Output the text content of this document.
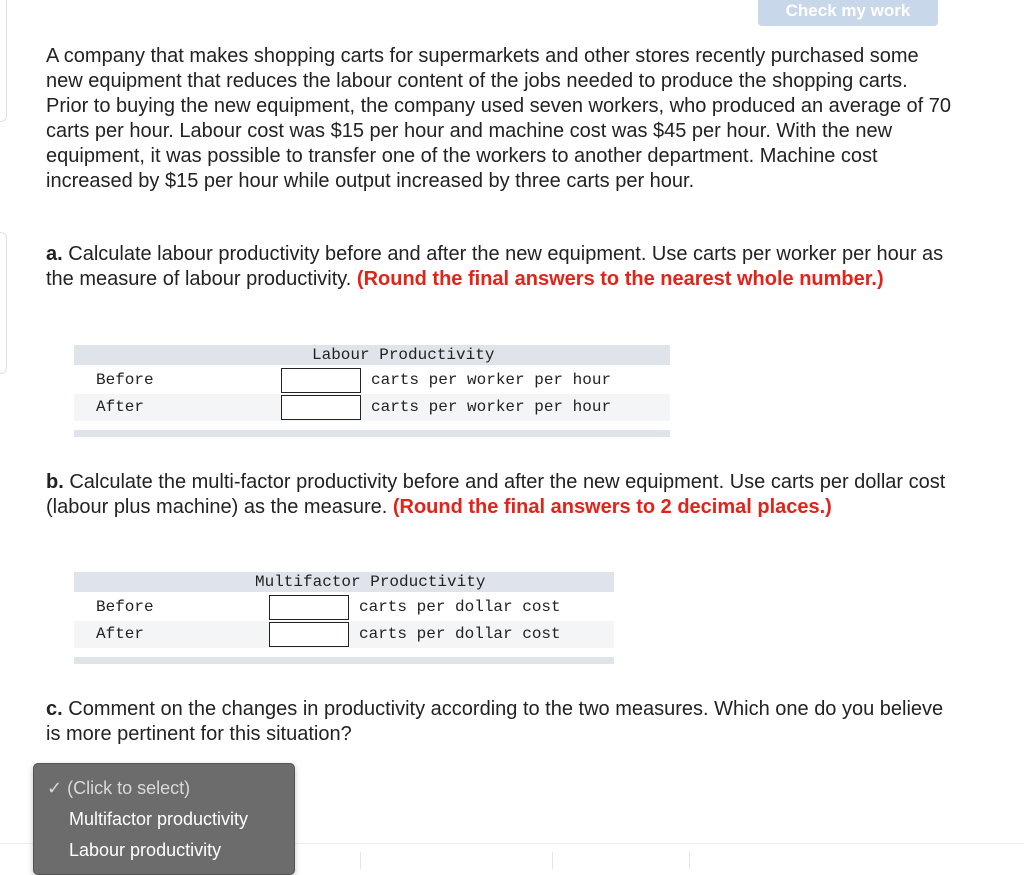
Check my work

A company that makes shopping carts for supermarkets and other stores recently purchased some new equipment that reduces the labour content of the jobs needed to produce the shopping carts. Prior to buying the new equipment, the company used seven workers, who produced an average of 70 carts per hour. Labour cost was $15 per hour and machine cost was $45 per hour. With the new equipment, it was possible to transfer one of the workers to another department. Machine cost increased by $15 per hour while output increased by three carts per hour.

a. Calculate labour productivity before and after the new equipment. Use carts per worker per hour as the measure of labour productivity. (Round the final answers to the nearest whole number.)

Labour Productivity
Before	carts per worker per hour
After	carts per worker per hour

b. Calculate the multi-factor productivity before and after the new equipment. Use carts per dollar cost (labour plus machine) as the measure. (Round the final answers to 2 decimal places.)

Multifactor Productivity
Before	carts per dollar cost
After	carts per dollar cost

c. Comment on the changes in productivity according to the two measures. Which one do you believe is more pertinent for this situation?

✓ (Click to select)
Multifactor productivity
Labour productivity
